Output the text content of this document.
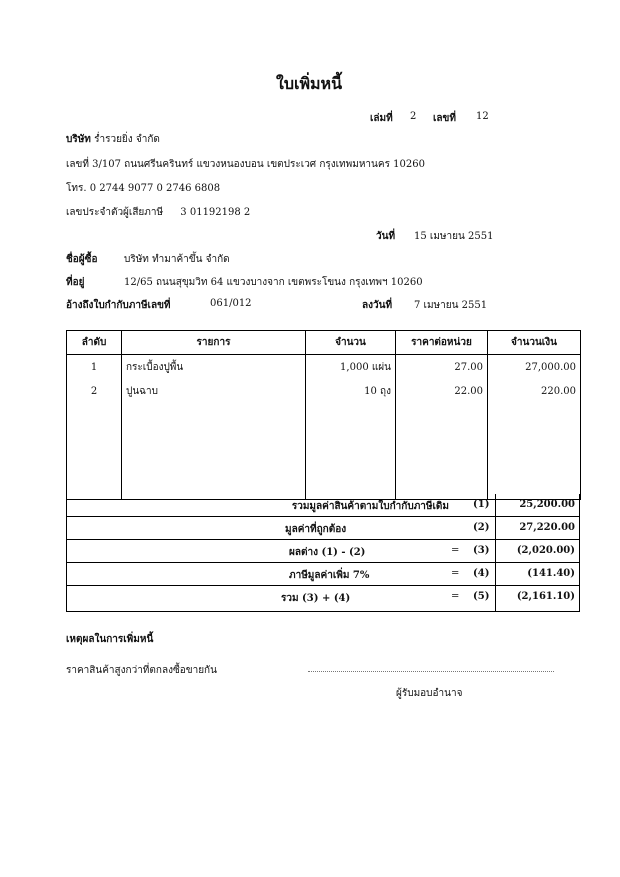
ใบเพิ่มหนี้
เล่มที่ 2 เลขที่ 12
บริษัท ร่ำรวยยิ่ง จำกัด
เลขที่ 3/107 ถนนศรีนครินทร์ แขวงหนองบอน เขตประเวศ กรุงเทพมหานคร 10260
โทร. 0 2744 9077 0 2746 6808
เลขประจำตัวผู้เสียภาษี 3 01192198 2
วันที่ 15 เมษายน 2551
ชื่อผู้ซื้อ	บริษัท ทำมาค้าขึ้น จำกัด
ที่อยู่	12/65 ถนนสุขุมวิท 64 แขวงบางจาก เขตพระโขนง กรุงเทพฯ 10260
อ้างถึงใบกำกับภาษีเลขที่	061/012	ลงวันที่ 7 เมษายน 2551
ลำดับ	รายการ	จำนวน	ราคาต่อหน่วย	จำนวนเงิน
1	กระเบื้องปูพื้น	1,000 แผ่น	27.00	27,000.00
2	ปูนฉาบ	10 ถุง	22.00	220.00

รวมมูลค่าสินค้าตามใบกำกับภาษีเดิม (1)	25,200.00
มูลค่าที่ถูกต้อง	(2)	27,220.00
ผลต่าง (1) - (2)	= (3)	(2,020.00)
ภาษีมูลค่าเพิ่ม 7%	= (4)	(141.40)
รวม (3) + (4)	= (5)	(2,161.10)
เหตุผลในการเพิ่มหนี้
ราคาสินค้าสูงกว่าที่ตกลงซื้อขายกัน
ผู้รับมอบอำนาจ
